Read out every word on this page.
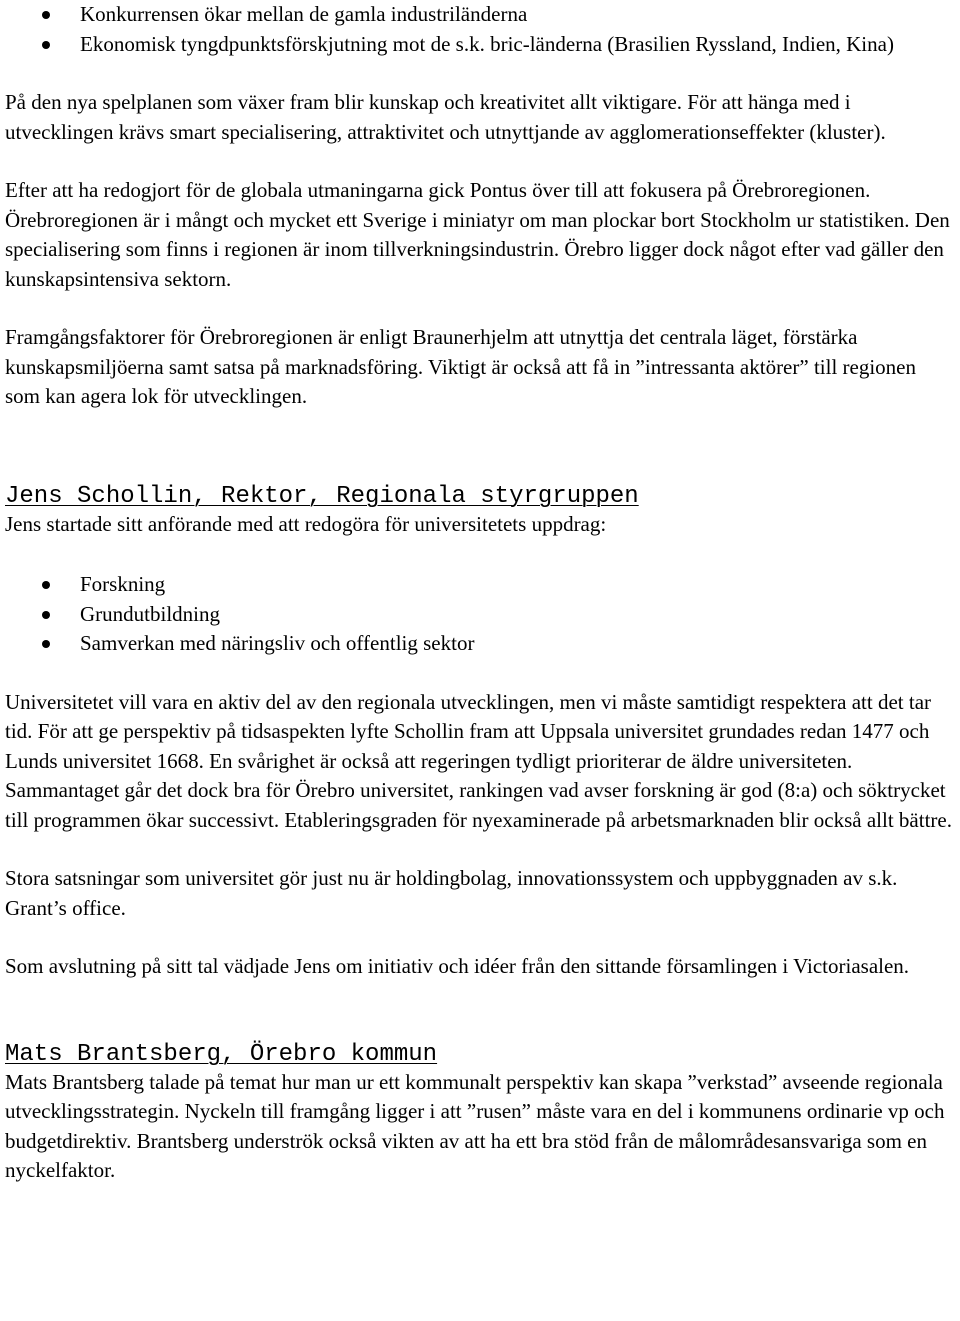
Konkurrensen ökar mellan de gamla industriländerna
Ekonomisk tyngdpunktsförskjutning mot de s.k. bric-länderna (Brasilien Ryssland, Indien, Kina)

På den nya spelplanen som växer fram blir kunskap och kreativitet allt viktigare. För att hänga med i utvecklingen krävs smart specialisering, attraktivitet och utnyttjande av agglomerationseffekter (kluster).

Efter att ha redogjort för de globala utmaningarna gick Pontus över till att fokusera på Örebroregionen. Örebroregionen är i mångt och mycket ett Sverige i miniatyr om man plockar bort Stockholm ur statistiken. Den specialisering som finns i regionen är inom tillverkningsindustrin. Örebro ligger dock något efter vad gäller den kunskapsintensiva sektorn.

Framgångsfaktorer för Örebroregionen är enligt Braunerhjelm att utnyttja det centrala läget, förstärka kunskapsmiljöerna samt satsa på marknadsföring. Viktigt är också att få in ”intressanta aktörer” till regionen som kan agera lok för utvecklingen.

Jens Schollin, Rektor, Regionala styrgruppen

Jens startade sitt anförande med att redogöra för universitetets uppdrag:

Forskning
Grundutbildning
Samverkan med näringsliv och offentlig sektor

Universitetet vill vara en aktiv del av den regionala utvecklingen, men vi måste samtidigt respektera att det tar tid. För att ge perspektiv på tidsaspekten lyfte Schollin fram att Uppsala universitet grundades redan 1477 och Lunds universitet 1668. En svårighet är också att regeringen tydligt prioriterar de äldre universiteten. Sammantaget går det dock bra för Örebro universitet, rankingen vad avser forskning är god (8:a) och söktrycket till programmen ökar successivt. Etableringsgraden för nyexaminerade på arbetsmarknaden blir också allt bättre.

Stora satsningar som universitet gör just nu är holdingbolag, innovationssystem och uppbyggnaden av s.k. Grant’s office.

Som avslutning på sitt tal vädjade Jens om initiativ och idéer från den sittande församlingen i Victoriasalen.

Mats Brantsberg, Örebro kommun

Mats Brantsberg talade på temat hur man ur ett kommunalt perspektiv kan skapa ”verkstad” avseende regionala utvecklingsstrategin. Nyckeln till framgång ligger i att ”rusen” måste vara en del i kommunens ordinarie vp och budgetdirektiv. Brantsberg underströk också vikten av att ha ett bra stöd från de målområdesansvariga som en nyckelfaktor.
